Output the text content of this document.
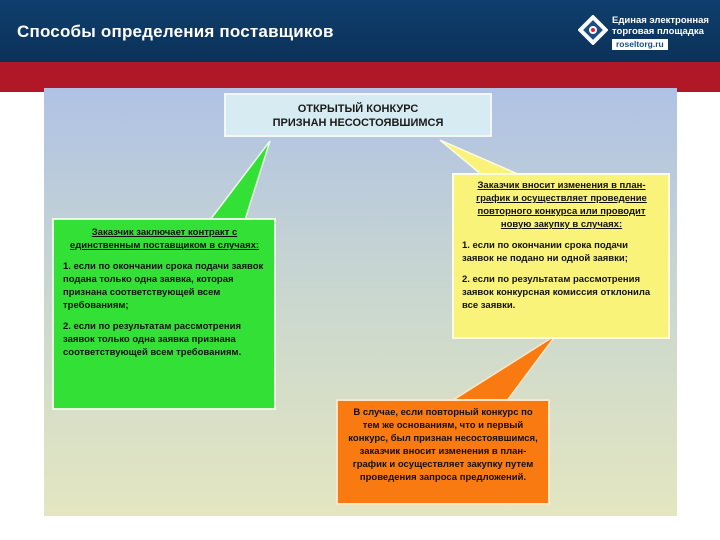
Способы определения поставщиков
Единая электронная
торговая площадка
roseltorg.ru
ОТКРЫТЫЙ КОНКУРС
ПРИЗНАН НЕСОСТОЯВШИМСЯ
Заказчик заключает контракт с единственным поставщиком в случаях:
1. если по окончании срока подачи заявок подана только одна заявка, которая признана соответствующей всем требованиям;
2. если по результатам рассмотрения заявок только одна заявка признана соответствующей всем требованиям.
Заказчик вносит изменения в план-график и осуществляет проведение повторного конкурса или проводит новую закупку в случаях:
1. если по окончании срока подачи заявок не подано ни одной заявки;
2. если по результатам рассмотрения заявок конкурсная комиссия отклонила все заявки.
В случае, если повторный конкурс по тем же основаниям, что и первый конкурс, был признан несостоявшимся, заказчик вносит изменения в план-график и осуществляет закупку путем проведения запроса предложений.
